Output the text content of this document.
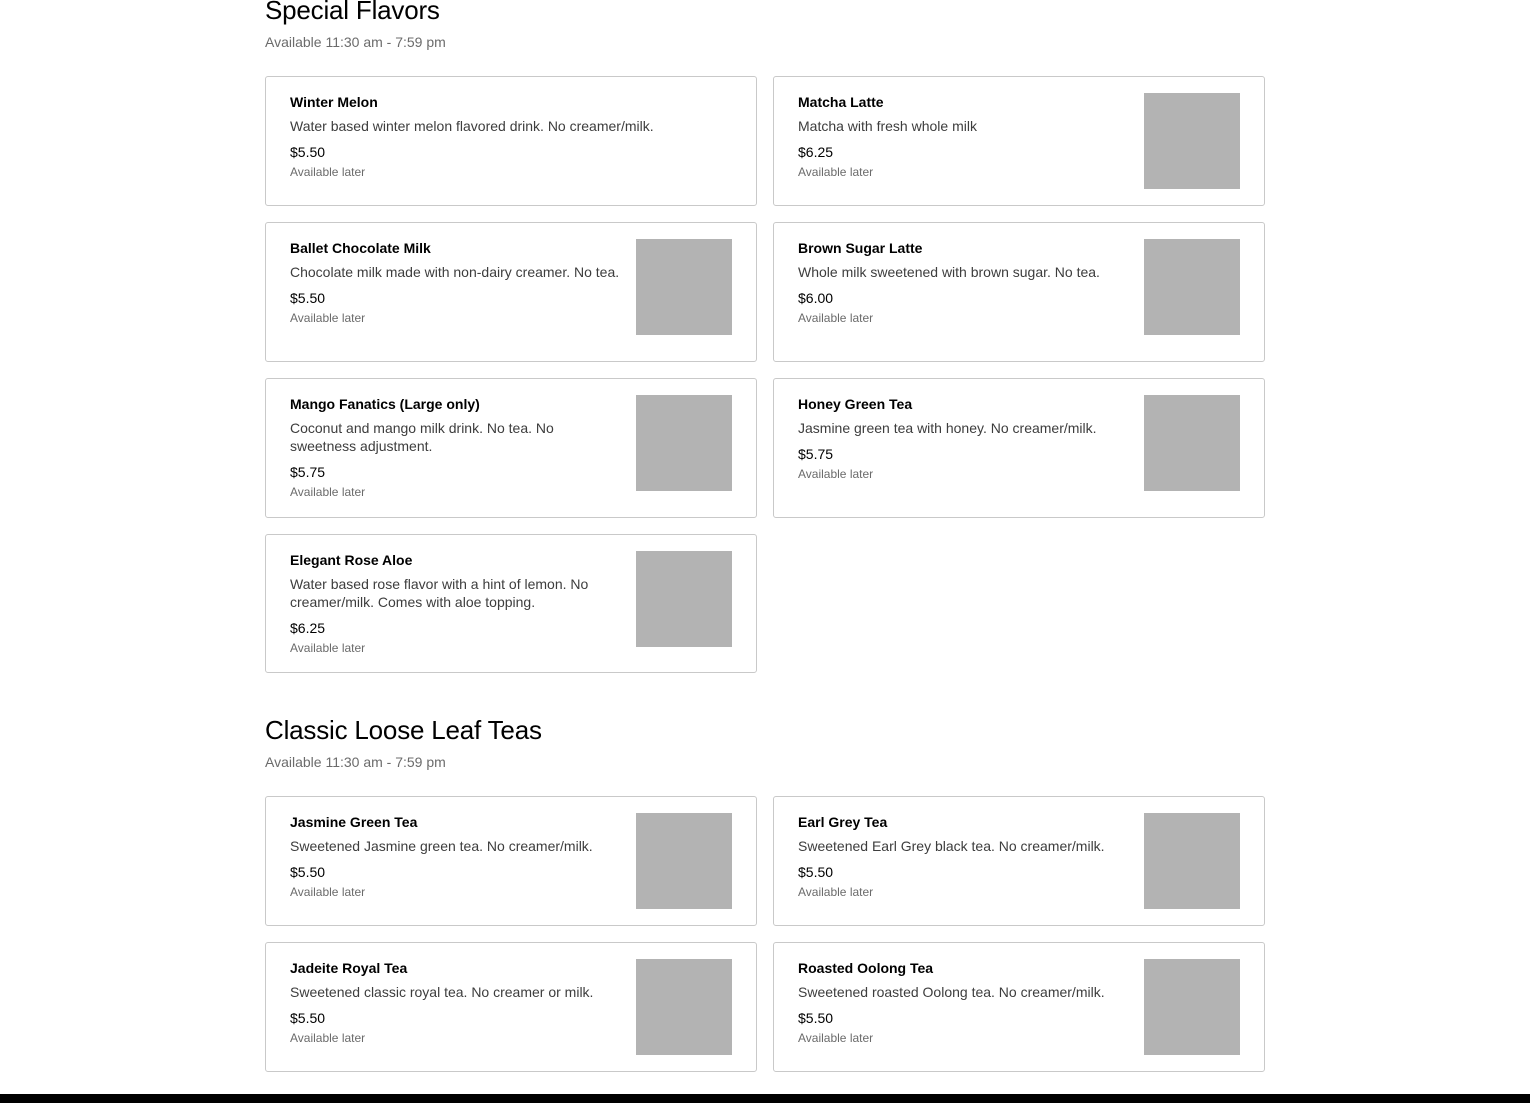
Special Flavors
Available 11:30 am - 7:59 pm
Winter Melon
Water based winter melon flavored drink. No creamer/milk.
$5.50
Available later
Matcha Latte
Matcha with fresh whole milk
$6.25
Available later
Ballet Chocolate Milk
Chocolate milk made with non-dairy creamer. No tea.
$5.50
Available later
Brown Sugar Latte
Whole milk sweetened with brown sugar. No tea.
$6.00
Available later
Mango Fanatics (Large only)
Coconut and mango milk drink. No tea. No sweetness adjustment.
$5.75
Available later
Honey Green Tea
Jasmine green tea with honey. No creamer/milk.
$5.75
Available later
Elegant Rose Aloe
Water based rose flavor with a hint of lemon. No creamer/milk. Comes with aloe topping.
$6.25
Available later
Classic Loose Leaf Teas
Available 11:30 am - 7:59 pm
Jasmine Green Tea
Sweetened Jasmine green tea. No creamer/milk.
$5.50
Available later
Earl Grey Tea
Sweetened Earl Grey black tea. No creamer/milk.
$5.50
Available later
Jadeite Royal Tea
Sweetened classic royal tea. No creamer or milk.
$5.50
Available later
Roasted Oolong Tea
Sweetened roasted Oolong tea. No creamer/milk.
$5.50
Available later
